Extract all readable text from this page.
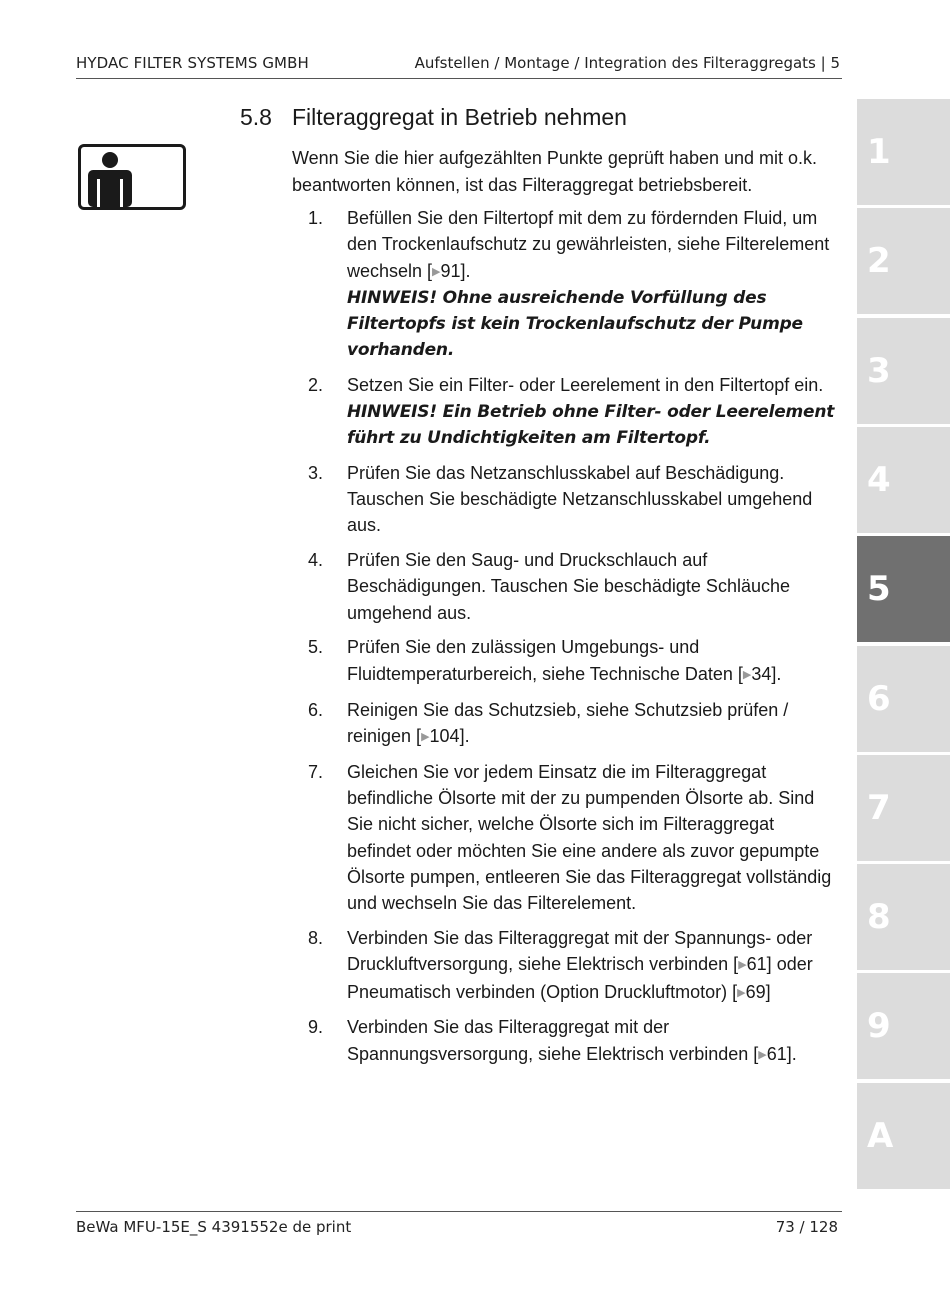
HYDAC FILTER SYSTEMS GMBH	Aufstellen / Montage / Integration des Filteraggregats | 5
5.8 Filteraggregat in Betrieb nehmen
Wenn Sie die hier aufgezählten Punkte geprüft haben und mit o.k. beantworten können, ist das Filteraggregat betriebsbereit.
1. Befüllen Sie den Filtertopf mit dem zu fördernden Fluid, um den Trockenlaufschutz zu gewährleisten, siehe Filterelement wechseln [▶91].
HINWEIS! Ohne ausreichende Vorfüllung des Filtertopfs ist kein Trockenlaufschutz der Pumpe vorhanden.
2. Setzen Sie ein Filter- oder Leerelement in den Filtertopf ein.
HINWEIS! Ein Betrieb ohne Filter- oder Leerelement führt zu Undichtigkeiten am Filtertopf.
3. Prüfen Sie das Netzanschlusskabel auf Beschädigung. Tauschen Sie beschädigte Netzanschlusskabel umgehend aus.
4. Prüfen Sie den Saug- und Druckschlauch auf Beschädigungen. Tauschen Sie beschädigte Schläuche umgehend aus.
5. Prüfen Sie den zulässigen Umgebungs- und Fluidtemperaturbereich, siehe Technische Daten [▶34].
6. Reinigen Sie das Schutzsieb, siehe Schutzsieb prüfen / reinigen [▶104].
7. Gleichen Sie vor jedem Einsatz die im Filteraggregat befindliche Ölsorte mit der zu pumpenden Ölsorte ab. Sind Sie nicht sicher, welche Ölsorte sich im Filteraggregat befindet oder möchten Sie eine andere als zuvor gepumpte Ölsorte pumpen, entleeren Sie das Filteraggregat vollständig und wechseln Sie das Filterelement.
8. Verbinden Sie das Filteraggregat mit der Spannungs- oder Druckluftversorgung, siehe Elektrisch verbinden [▶61] oder Pneumatisch verbinden (Option Druckluftmotor) [▶69]
9. Verbinden Sie das Filteraggregat mit der Spannungsversorgung, siehe Elektrisch verbinden [▶61].
1
2
3
4
5
6
7
8
9
A
BeWa MFU-15E_S 4391552e de print	73 / 128
